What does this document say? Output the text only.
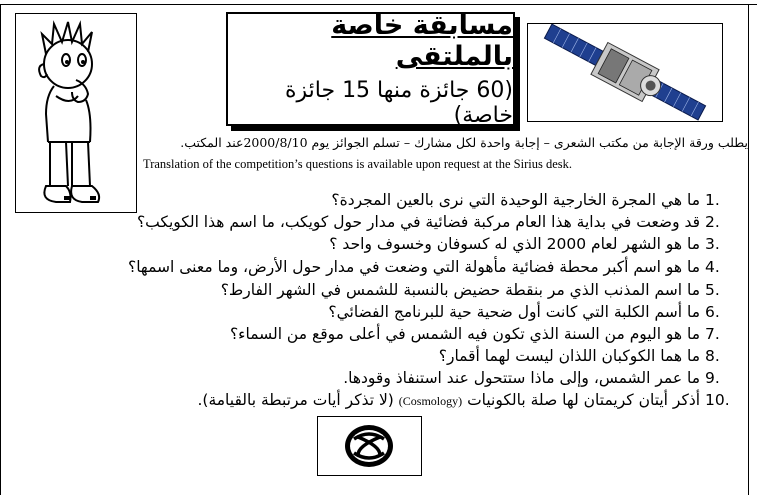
مسابقة خاصة بالملتقى
(60 جائزة منها 15 جائزة خاصة)
يطلب ورقة الإجابة من مكتب الشعرى – إجابة واحدة لكل مشارك – تسلم الجوائز يوم 2000/8/10عند المكتب.
Translation of the competition’s questions is available upon request at the Sirius desk.
1. ما هي المجرة الخارجية الوحيدة التي نرى بالعين المجردة؟
2. قد وضعت في بداية هذا العام مركبة فضائية في مدار حول كويكب، ما اسم هذا الكويكب؟
3. ما هو الشهر لعام 2000 الذي له كسوفان وخسوف واحد ؟
4. ما هو اسم أكبر محطة فضائية مأهولة التي وضعت في مدار حول الأرض، وما معنى اسمها؟
5. ما اسم المذنب الذي مر بنقطة حضيض بالنسبة للشمس في الشهر الفارط؟
6. ما أسم الكلبة التي كانت أول ضحية حية للبرنامج الفضائي؟
7. ما هو اليوم من السنة الذي تكون فيه الشمس في أعلى موقع من السماء؟
8. ما هما الكوكبان اللذان ليست لهما أقمار؟
9. ما عمر الشمس، وإلى ماذا ستتحول عند استنفاذ وقودها.
10. أذكر أيتان كريمتان لها صلة بالكونيات (Cosmology) (لا تذكر أيات مرتبطة بالقيامة).
